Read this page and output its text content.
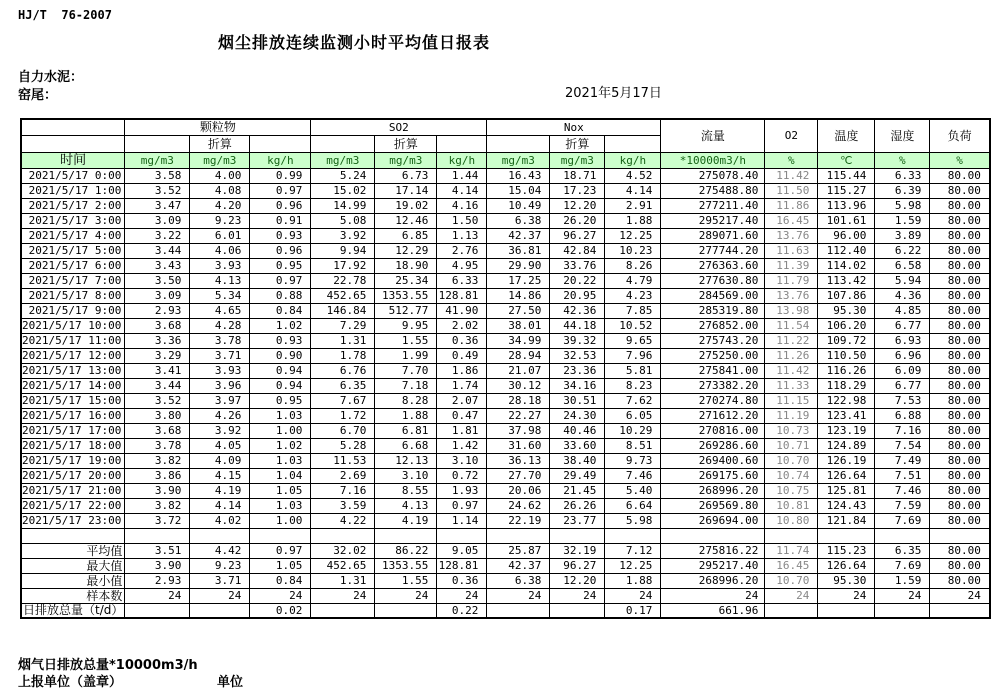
HJ/T  76-2007
烟尘排放连续监测小时平均值日报表
自力水泥：
窑尾：	2021年5月17日
	颗粒物			SO2			Nox			流量	O2	温度	湿度	负荷
		折算			折算			折算						
时间	mg/m3	mg/m3	kg/h	mg/m3	mg/m3	kg/h	mg/m3	mg/m3	kg/h	*10000m3/h	%	℃	%	%
2021/5/17 0:00	3.58	4.00	0.99	5.24	6.73	1.44	16.43	18.71	4.52	275078.40	11.42	115.44	6.33	80.00
2021/5/17 1:00	3.52	4.08	0.97	15.02	17.14	4.14	15.04	17.23	4.14	275488.80	11.50	115.27	6.39	80.00
2021/5/17 2:00	3.47	4.20	0.96	14.99	19.02	4.16	10.49	12.20	2.91	277211.40	11.86	113.96	5.98	80.00
2021/5/17 3:00	3.09	9.23	0.91	5.08	12.46	1.50	6.38	26.20	1.88	295217.40	16.45	101.61	1.59	80.00
2021/5/17 4:00	3.22	6.01	0.93	3.92	6.85	1.13	42.37	96.27	12.25	289071.60	13.76	96.00	3.89	80.00
2021/5/17 5:00	3.44	4.06	0.96	9.94	12.29	2.76	36.81	42.84	10.23	277744.20	11.63	112.40	6.22	80.00
2021/5/17 6:00	3.43	3.93	0.95	17.92	18.90	4.95	29.90	33.76	8.26	276363.60	11.39	114.02	6.58	80.00
2021/5/17 7:00	3.50	4.13	0.97	22.78	25.34	6.33	17.25	20.22	4.79	277630.80	11.79	113.42	5.94	80.00
2021/5/17 8:00	3.09	5.34	0.88	452.65	1353.55	128.81	14.86	20.95	4.23	284569.00	13.76	107.86	4.36	80.00
2021/5/17 9:00	2.93	4.65	0.84	146.84	512.77	41.90	27.50	42.36	7.85	285319.80	13.98	95.30	4.85	80.00
2021/5/17 10:00	3.68	4.28	1.02	7.29	9.95	2.02	38.01	44.18	10.52	276852.00	11.54	106.20	6.77	80.00
2021/5/17 11:00	3.36	3.78	0.93	1.31	1.55	0.36	34.99	39.32	9.65	275743.20	11.22	109.72	6.93	80.00
2021/5/17 12:00	3.29	3.71	0.90	1.78	1.99	0.49	28.94	32.53	7.96	275250.00	11.26	110.50	6.96	80.00
2021/5/17 13:00	3.41	3.93	0.94	6.76	7.70	1.86	21.07	23.36	5.81	275841.00	11.42	116.26	6.09	80.00
2021/5/17 14:00	3.44	3.96	0.94	6.35	7.18	1.74	30.12	34.16	8.23	273382.20	11.33	118.29	6.77	80.00
2021/5/17 15:00	3.52	3.97	0.95	7.67	8.28	2.07	28.18	30.51	7.62	270274.80	11.15	122.98	7.53	80.00
2021/5/17 16:00	3.80	4.26	1.03	1.72	1.88	0.47	22.27	24.30	6.05	271612.20	11.19	123.41	6.88	80.00
2021/5/17 17:00	3.68	3.92	1.00	6.70	6.81	1.81	37.98	40.46	10.29	270816.00	10.73	123.19	7.16	80.00
2021/5/17 18:00	3.78	4.05	1.02	5.28	6.68	1.42	31.60	33.60	8.51	269286.60	10.71	124.89	7.54	80.00
2021/5/17 19:00	3.82	4.09	1.03	11.53	12.13	3.10	36.13	38.40	9.73	269400.60	10.70	126.19	7.49	80.00
2021/5/17 20:00	3.86	4.15	1.04	2.69	3.10	0.72	27.70	29.49	7.46	269175.60	10.74	126.64	7.51	80.00
2021/5/17 21:00	3.90	4.19	1.05	7.16	8.55	1.93	20.06	21.45	5.40	268996.20	10.75	125.81	7.46	80.00
2021/5/17 22:00	3.82	4.14	1.03	3.59	4.13	0.97	24.62	26.26	6.64	269569.80	10.81	124.43	7.59	80.00
2021/5/17 23:00	3.72	4.02	1.00	4.22	4.19	1.14	22.19	23.77	5.98	269694.00	10.80	121.84	7.69	80.00

平均值	3.51	4.42	0.97	32.02	86.22	9.05	25.87	32.19	7.12	275816.22	11.74	115.23	6.35	80.00
最大值	3.90	9.23	1.05	452.65	1353.55	128.81	42.37	96.27	12.25	295217.40	16.45	126.64	7.69	80.00
最小值	2.93	3.71	0.84	1.31	1.55	0.36	6.38	12.20	1.88	268996.20	10.70	95.30	1.59	80.00
样本数	24	24	24	24	24	24	24	24	24	24	24	24	24	24
日排放总量（t/d）			0.02			0.22			0.17	661.96				
烟气日排放总量*10000m3/h
上报单位（盖章）	单位
